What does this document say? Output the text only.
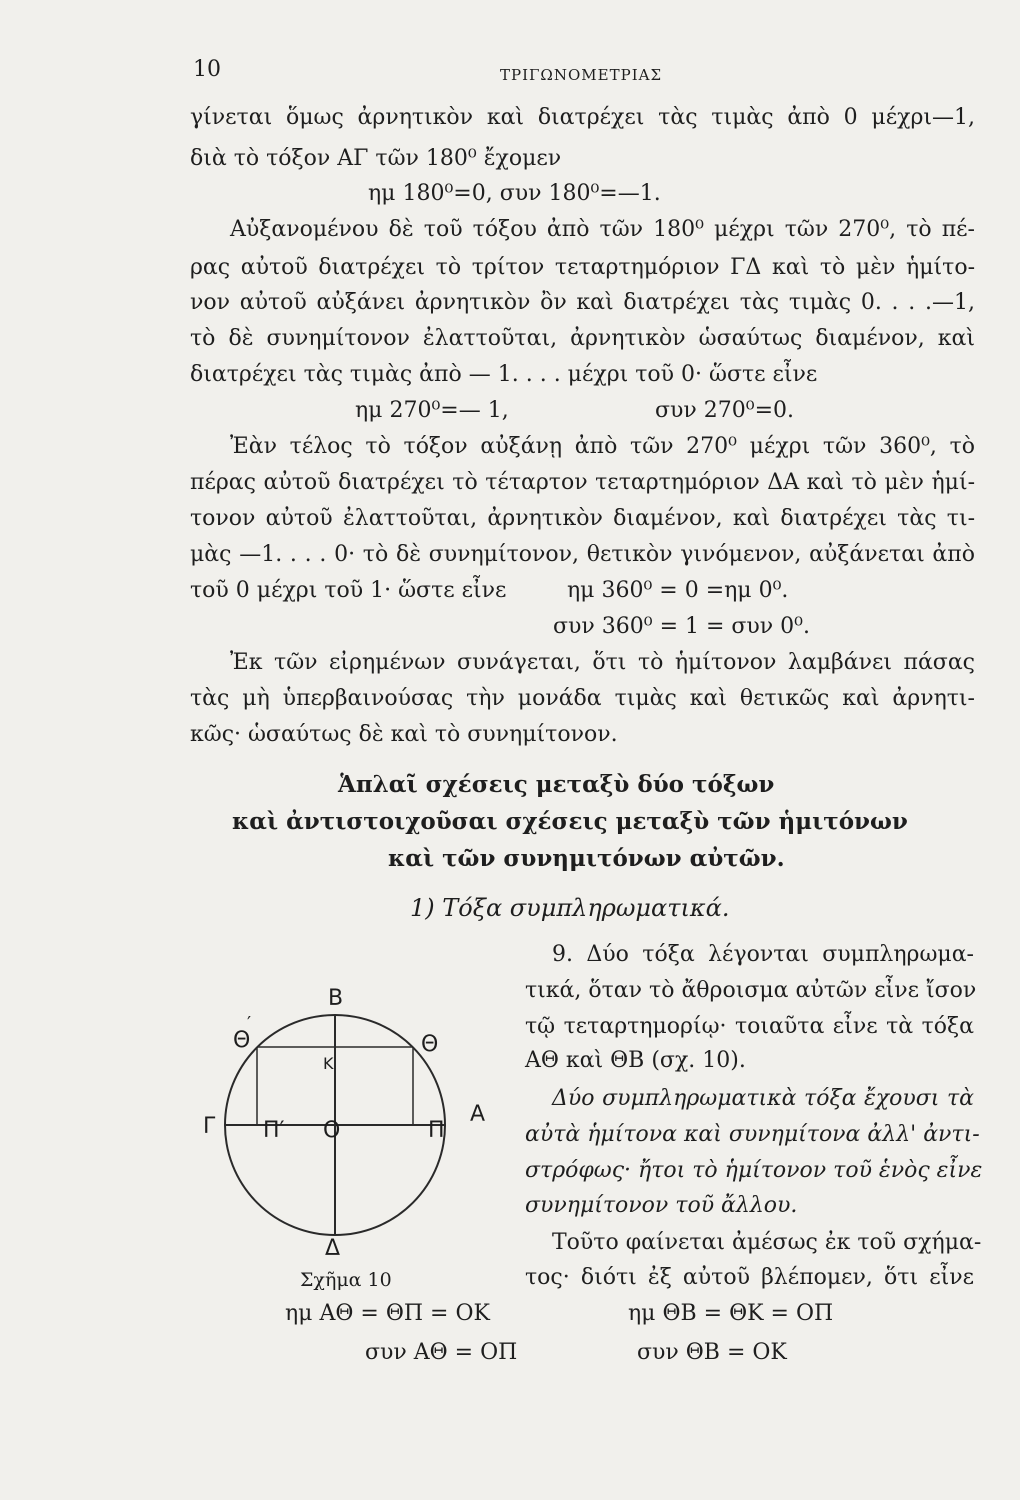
10	ΤΡΙΓΩΝΟΜΕΤΡΙΑΣ
γίνεται ὅμως ἀρνητικὸν καὶ διατρέχει τὰς τιμὰς ἀπὸ 0 μέχρι—1,
διὰ τὸ τόξον ΑΓ τῶν 180⁰ ἔχομεν
ημ 180⁰=0, συν 180⁰=—1.
Αὐξανομένου δὲ τοῦ τόξου ἀπὸ τῶν 180⁰ μέχρι τῶν 270⁰, τὸ πέ-
ρας αὐτοῦ διατρέχει τὸ τρίτον τεταρτημόριον ΓΔ καὶ τὸ μὲν ἡμίτο-
νον αὐτοῦ αὐξάνει ἀρνητικὸν ὂν καὶ διατρέχει τὰς τιμὰς 0. . . .—1,
τὸ δὲ συνημίτονον ἐλαττοῦται, ἀρνητικὸν ὡσαύτως διαμένον, καὶ
διατρέχει τὰς τιμὰς ἀπὸ — 1. . . . μέχρι τοῦ 0· ὥστε εἶνε
ημ 270⁰=— 1,	συν 270⁰=0.
Ἐὰν τέλος τὸ τόξον αὐξάνῃ ἀπὸ τῶν 270⁰ μέχρι τῶν 360⁰, τὸ
πέρας αὐτοῦ διατρέχει τὸ τέταρτον τεταρτημόριον ΔΑ καὶ τὸ μὲν ἡμί-
τονον αὐτοῦ ἐλαττοῦται, ἀρνητικὸν διαμένον, καὶ διατρέχει τὰς τι-
μὰς —1. . . . 0· τὸ δὲ συνημίτονον, θετικὸν γινόμενον, αὐξάνεται ἀπὸ
τοῦ 0 μέχρι τοῦ 1· ὥστε εἶνε	ημ 360⁰ = 0 =ημ 0⁰.
συν 360⁰ = 1 = συν 0⁰.
Ἐκ τῶν εἰρημένων συνάγεται, ὅτι τὸ ἡμίτονον λαμβάνει πάσας
τὰς μὴ ὑπερβαινούσας τὴν μονάδα τιμὰς καὶ θετικῶς καὶ ἀρνητι-
κῶς· ὡσαύτως δὲ καὶ τὸ συνημίτονον.
Ἁπλαῖ σχέσεις μεταξὺ δύο τόξων
καὶ ἀντιστοιχοῦσαι σχέσεις μεταξὺ τῶν ἡμιτόνων
καὶ τῶν συνημιτόνων αὐτῶν.
1) Τόξα συμπληρωματικά.
9. Δύο τόξα λέγονται συμπληρωμα-
τικά, ὅταν τὸ ἄθροισμα αὐτῶν εἶνε ἴσον
τῷ τεταρτημορίῳ· τοιαῦτα εἶνε τὰ τόξα
ΑΘ καὶ ΘΒ (σχ. 10).
Δύο συμπληρωματικὰ τόξα ἔχουσι τὰ
αὐτὰ ἡμίτονα καὶ συνημίτονα ἀλλ' ἀντι-
στρόφως· ἤτοι τὸ ἡμίτονον τοῦ ἑνὸς εἶνε
συνημίτονον τοῦ ἄλλου.
Τοῦτο φαίνεται ἀμέσως ἐκ τοῦ σχήμα-
τος· διότι ἐξ αὐτοῦ βλέπομεν, ὅτι εἶνε
Β
Θ
′
Θ
Κ
Γ Π′ Ο	Π
Α
Δ
Σχῆμα 10
ημ ΑΘ = ΘΠ = ΟΚ	ημ ΘΒ = ΘΚ = ΟΠ
συν ΑΘ = ΟΠ	συν ΘΒ = ΟΚ
